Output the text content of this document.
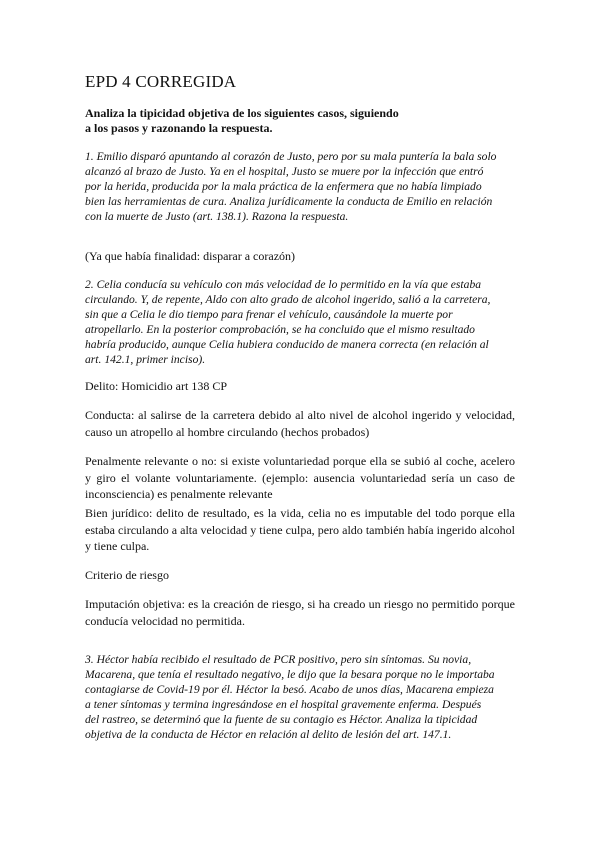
EPD 4 CORREGIDA

Analiza la tipicidad objetiva de los siguientes casos, siguiendo
a los pasos y razonando la respuesta.

1. Emilio disparó apuntando al corazón de Justo, pero por su mala puntería la bala solo alcanzó al brazo de Justo. Ya en el hospital, Justo se muere por la infección que entró por la herida, producida por la mala práctica de la enfermera que no había limpiado bien las herramientas de cura. Analiza jurídicamente la conducta de Emilio en relación con la muerte de Justo (art. 138.1). Razona la respuesta.

(Ya que había finalidad: disparar a corazón)

2. Celia conducía su vehículo con más velocidad de lo permitido en la vía que estaba circulando. Y, de repente, Aldo con alto grado de alcohol ingerido, salió a la carretera, sin que a Celia le dio tiempo para frenar el vehículo, causándole la muerte por atropellarlo. En la posterior comprobación, se ha concluido que el mismo resultado habría producido, aunque Celia hubiera conducido de manera correcta (en relación al art. 142.1, primer inciso).

Delito: Homicidio art 138 CP

Conducta: al salirse de la carretera debido al alto nivel de alcohol ingerido y velocidad, causo un atropello al hombre circulando (hechos probados)

Penalmente relevante o no: si existe voluntariedad porque ella se subió al coche, acelero y giro el volante voluntariamente. (ejemplo: ausencia voluntariedad sería un caso de inconsciencia) es penalmente relevante

Bien jurídico: delito de resultado, es la vida, celia no es imputable del todo porque ella estaba circulando a alta velocidad y tiene culpa, pero aldo también había ingerido alcohol y tiene culpa.

Criterio de riesgo

Imputación objetiva: es la creación de riesgo, si ha creado un riesgo no permitido porque conducía velocidad no permitida.

3. Héctor había recibido el resultado de PCR positivo, pero sin síntomas. Su novia, Macarena, que tenía el resultado negativo, le dijo que la besara porque no le importaba contagiarse de Covid-19 por él. Héctor la besó. Acabo de unos días, Macarena empieza a tener síntomas y termina ingresándose en el hospital gravemente enferma. Después del rastreo, se determinó que la fuente de su contagio es Héctor. Analiza la tipicidad objetiva de la conducta de Héctor en relación al delito de lesión del art. 147.1.
